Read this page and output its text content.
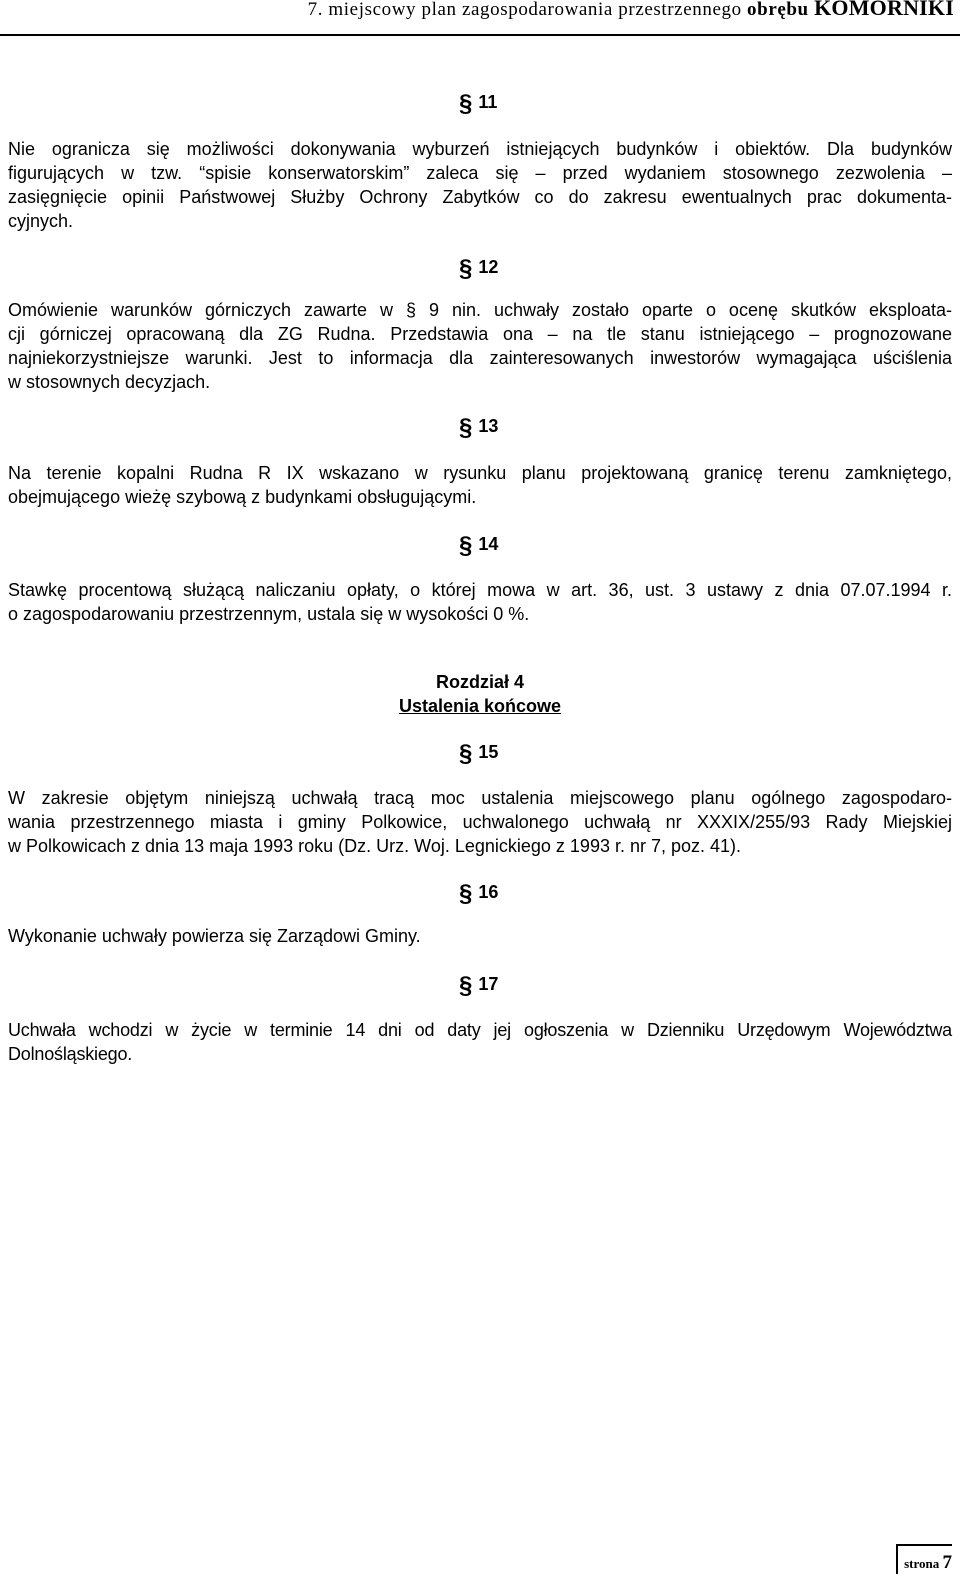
7. miejscowy plan zagospodarowania przestrzennego obrębu KOMORNIKI
§ 11
Nie ogranicza się możliwości dokonywania wyburzeń istniejących budynków i obiektów. Dla budynków
figurujących w tzw. “spisie konserwatorskim” zaleca się – przed wydaniem stosownego zezwolenia –
zasięgnięcie opinii Państwowej Służby Ochrony Zabytków co do zakresu ewentualnych prac dokumenta-
cyjnych.
§ 12
Omówienie warunków górniczych zawarte w § 9 nin. uchwały zostało oparte o ocenę skutków eksploata-
cji górniczej opracowaną dla ZG Rudna. Przedstawia ona – na tle stanu istniejącego – prognozowane
najniekorzystniejsze warunki. Jest to informacja dla zainteresowanych inwestorów wymagająca uściślenia
w stosownych decyzjach.
§ 13
Na terenie kopalni Rudna R IX wskazano w rysunku planu projektowaną granicę terenu zamkniętego,
obejmującego wieżę szybową z budynkami obsługującymi.
§ 14
Stawkę procentową służącą naliczaniu opłaty, o której mowa w art. 36, ust. 3 ustawy z dnia 07.07.1994 r.
o zagospodarowaniu przestrzennym, ustala się w wysokości 0 %.
Rozdział 4
Ustalenia końcowe
§ 15
W zakresie objętym niniejszą uchwałą tracą moc ustalenia miejscowego planu ogólnego zagospodaro-
wania przestrzennego miasta i gminy Polkowice, uchwalonego uchwałą nr XXXIX/255/93 Rady Miejskiej
w Polkowicach z dnia 13 maja 1993 roku (Dz. Urz. Woj. Legnickiego z 1993 r. nr 7, poz. 41).
§ 16
Wykonanie uchwały powierza się Zarządowi Gminy.
§ 17
Uchwała wchodzi w życie w terminie 14 dni od daty jej ogłoszenia w Dzienniku Urzędowym Województwa
Dolnośląskiego.
strona 7
